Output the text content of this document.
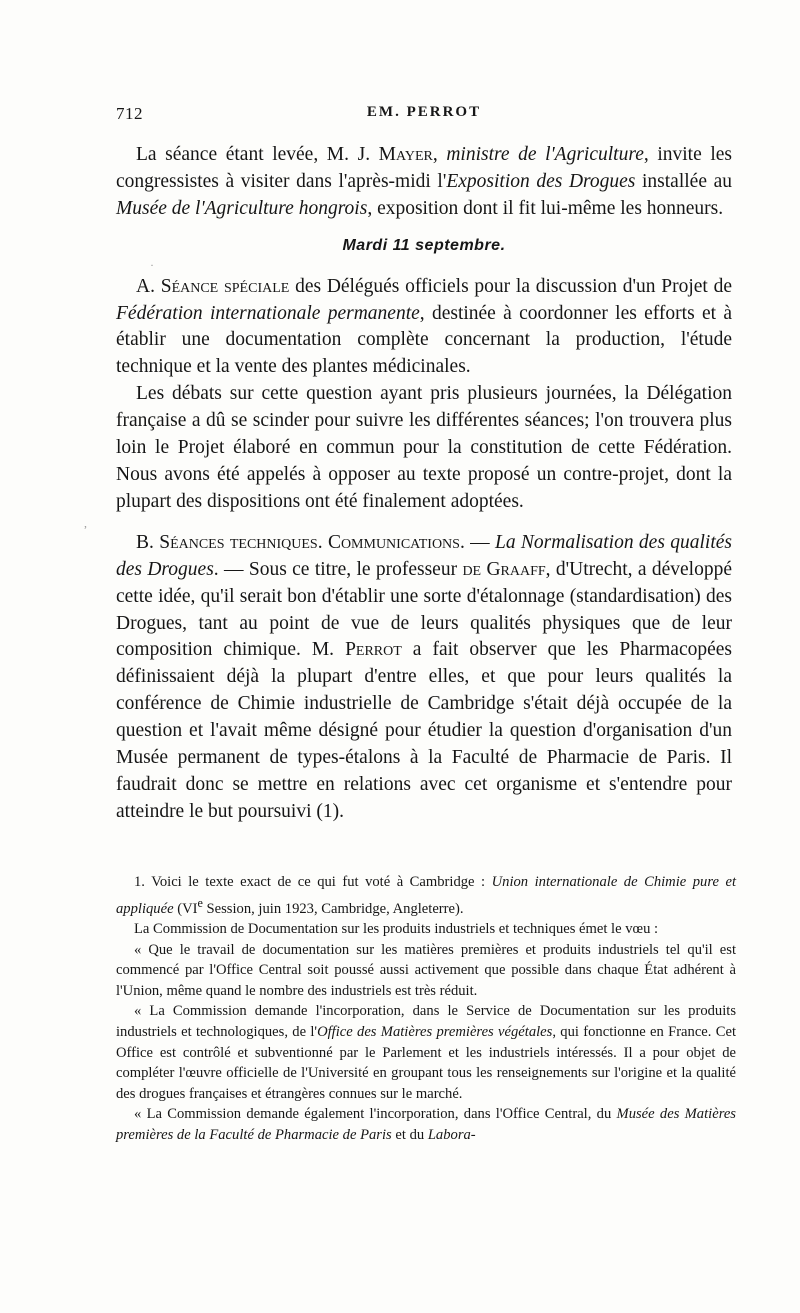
712	EM. PERROT

La séance étant levée, M. J. Mayer, ministre de l'Agriculture, invite les congressistes à visiter dans l'après-midi l'Exposition des Drogues installée au Musée de l'Agriculture hongrois, exposition dont il fit lui-même les honneurs.

Mardi 11 septembre.

A. Séance spéciale des Délégués officiels pour la discussion d'un Projet de Fédération internationale permanente, destinée à coordonner les efforts et à établir une documentation complète concernant la production, l'étude technique et la vente des plantes médicinales.

Les débats sur cette question ayant pris plusieurs journées, la Délégation française a dû se scinder pour suivre les différentes séances; l'on trouvera plus loin le Projet élaboré en commun pour la constitution de cette Fédération. Nous avons été appelés à opposer au texte proposé un contre-projet, dont la plupart des dispositions ont été finalement adoptées.

B. Séances techniques. Communications. — La Normalisation des qualités des Drogues. — Sous ce titre, le professeur de Graaff, d'Utrecht, a développé cette idée, qu'il serait bon d'établir une sorte d'étalonnage (standardisation) des Drogues, tant au point de vue de leurs qualités physiques que de leur composition chimique. M. Perrot a fait observer que les Pharmacopées définissaient déjà la plupart d'entre elles, et que pour leurs qualités la conférence de Chimie industrielle de Cambridge s'était déjà occupée de la question et l'avait même désigné pour étudier la question d'organisation d'un Musée permanent de types-étalons à la Faculté de Pharmacie de Paris. Il faudrait donc se mettre en relations avec cet organisme et s'entendre pour atteindre le but poursuivi (1).

1. Voici le texte exact de ce qui fut voté à Cambridge : Union internationale de Chimie pure et appliquée (VIe Session, juin 1923, Cambridge, Angleterre).

La Commission de Documentation sur les produits industriels et techniques émet le vœu :

« Que le travail de documentation sur les matières premières et produits industriels tel qu'il est commencé par l'Office Central soit poussé aussi activement que possible dans chaque État adhérent à l'Union, même quand le nombre des industriels est très réduit.

« La Commission demande l'incorporation, dans le Service de Documentation sur les produits industriels et technologiques, de l'Office des Matières premières végétales, qui fonctionne en France. Cet Office est contrôlé et subventionné par le Parlement et les industriels intéressés. Il a pour objet de compléter l'œuvre officielle de l'Université en groupant tous les renseignements sur l'origine et la qualité des drogues françaises et étrangères connues sur le marché.

« La Commission demande également l'incorporation, dans l'Office Central, du Musée des Matières premières de la Faculté de Pharmacie de Paris et du Labora-

,
·
